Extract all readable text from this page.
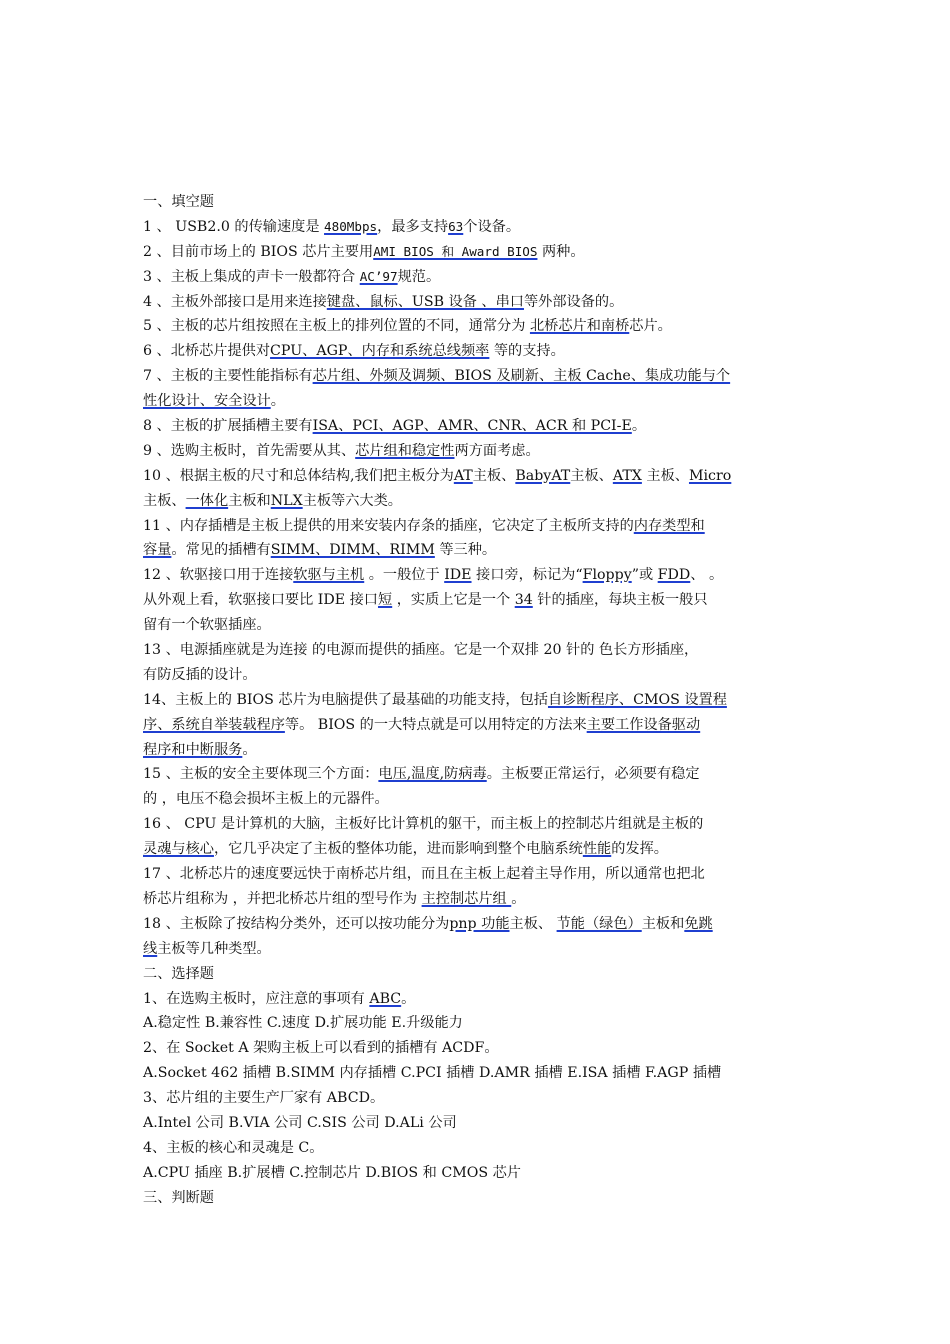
一、填空题
1 、 USB2.0 的传输速度是 480Mbps，最多支持63个设备。
2 、目前市场上的 BIOS 芯片主要用AMI BIOS 和 Award BIOS 两种。
3 、主板上集成的声卡一般都符合 AC’97规范。
4 、主板外部接口是用来连接键盘、鼠标、USB 设备 、串口等外部设备的。
5 、主板的芯片组按照在主板上的排列位置的不同，通常分为 北桥芯片和南桥芯片。
6 、北桥芯片提供对CPU、AGP、内存和系统总线频率 等的支持。
7 、主板的主要性能指标有芯片组、外频及调频、BIOS 及刷新、主板 Cache、集成功能与个
性化设计、安全设计。
8 、主板的扩展插槽主要有ISA、PCI、AGP、AMR、CNR、ACR 和 PCI-E。
9 、选购主板时，首先需要从其、芯片组和稳定性两方面考虑。
10 、根据主板的尺寸和总体结构,我们把主板分为AT主板、BabyAT主板、ATX 主板、Micro
主板、一体化主板和NLX主板等六大类。
11 、内存插槽是主板上提供的用来安装内存条的插座，它决定了主板所支持的内存类型和
容量。常见的插槽有SIMM、DIMM、RIMM 等三种。
12 、软驱接口用于连接软驱与主机 。一般位于 IDE 接口旁，标记为“Floppy”或 FDD、 。
从外观上看，软驱接口要比 IDE 接口短 ，实质上它是一个 34 针的插座，每块主板一般只
留有一个软驱插座。
13 、电源插座就是为连接 的电源而提供的插座。它是一个双排 20 针的 色长方形插座，
有防反插的设计。
14、主板上的 BIOS 芯片为电脑提供了最基础的功能支持，包括自诊断程序、CMOS 设置程
序、系统自举装载程序等。 BIOS 的一大特点就是可以用特定的方法来主要工作设备驱动
程序和中断服务。
15 、主板的安全主要体现三个方面：电压,温度,防病毒。主板要正常运行，必须要有稳定
的 ，电压不稳会损坏主板上的元器件。
16 、 CPU 是计算机的大脑，主板好比计算机的躯干，而主板上的控制芯片组就是主板的
灵魂与核心，它几乎决定了主板的整体功能，进而影响到整个电脑系统性能的发挥。
17 、北桥芯片的速度要远快于南桥芯片组，而且在主板上起着主导作用，所以通常也把北
桥芯片组称为 ，并把北桥芯片组的型号作为 主控制芯片组 。
18 、主板除了按结构分类外，还可以按功能分为pnp 功能主板、 节能（绿色）主板和免跳
线主板等几种类型。
二、选择题
1、在选购主板时，应注意的事项有 ABC。
A.稳定性 B.兼容性 C.速度 D.扩展功能 E.升级能力
2、在 Socket A 架购主板上可以看到的插槽有 ACDF。
A.Socket 462 插槽 B.SIMM 内存插槽 C.PCI 插槽 D.AMR 插槽 E.ISA 插槽 F.AGP 插槽
3、芯片组的主要生产厂家有 ABCD。
A.Intel 公司 B.VIA 公司 C.SIS 公司 D.ALi 公司
4、主板的核心和灵魂是 C。
A.CPU 插座 B.扩展槽 C.控制芯片 D.BIOS 和 CMOS 芯片
三、判断题
